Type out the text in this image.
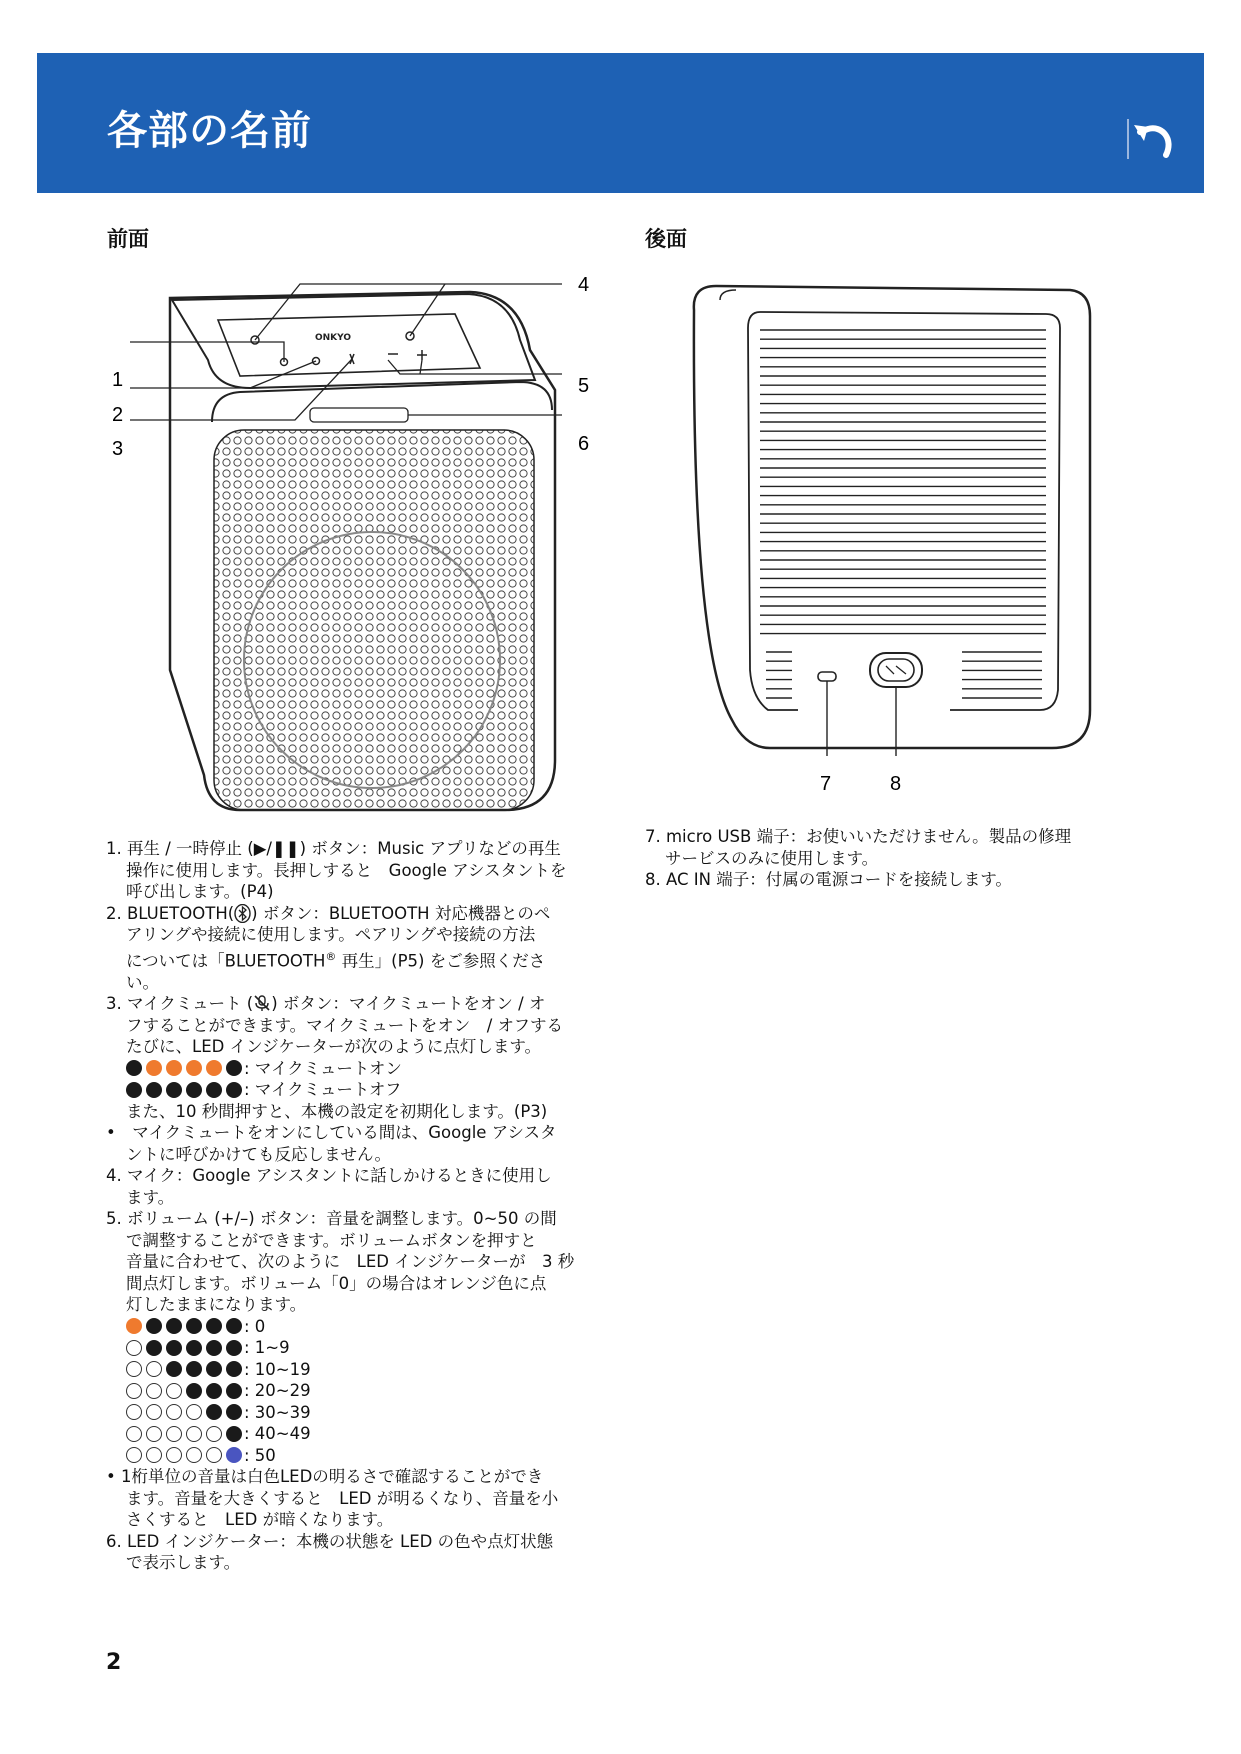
各部の名前
前面	後面
ONKYO
1
2
3
4
5
6
7	8

1. 再生 / 一時停止 (▶/❚❚) ボタン：Music アプリなどの再生

操作に使用します。長押しすると　Google アシスタントを

呼び出します。(P4)

2. BLUETOOTH( ) ボタン：BLUETOOTH 対応機器とのペ

アリングや接続に使用します。ペアリングや接続の方法

については「BLUETOOTH® 再生」(P5) をご参照くださ

い。

3. マイクミュート ( ) ボタン：マイクミュートをオン / オ

フすることができます。マイクミュートをオン　/ オフする

たびに、LED インジケーターが次のように点灯します。

: マイクミュートオン
: マイクミュートオフ

また、10 秒間押すと、本機の設定を初期化します。(P3)

•　マイクミュートをオンにしている間は、Google アシスタ

ントに呼びかけても反応しません。

4. マイク：Google アシスタントに話しかけるときに使用し

ます。

5. ボリューム (+/–) ボタン：音量を調整します。0~50 の間

で調整することができます。ボリュームボタンを押すと

音量に合わせて、次のように　LED インジケーターが　3 秒

間点灯します。ボリューム「0」の場合はオレンジ色に点

灯したままになります。

: 0
: 1~9
: 10~19
: 20~29
: 30~39
: 40~49
: 50

• 1桁単位の音量は白色LEDの明るさで確認することができ

ます。音量を大きくすると　LED が明るくなり、音量を小

さくすると　LED が暗くなります。

6. LED インジケーター：本機の状態を LED の色や点灯状態

で表示します。

7. micro USB 端子：お使いいただけません。製品の修理

サービスのみに使用します。

8. AC IN 端子：付属の電源コードを接続します。

2
